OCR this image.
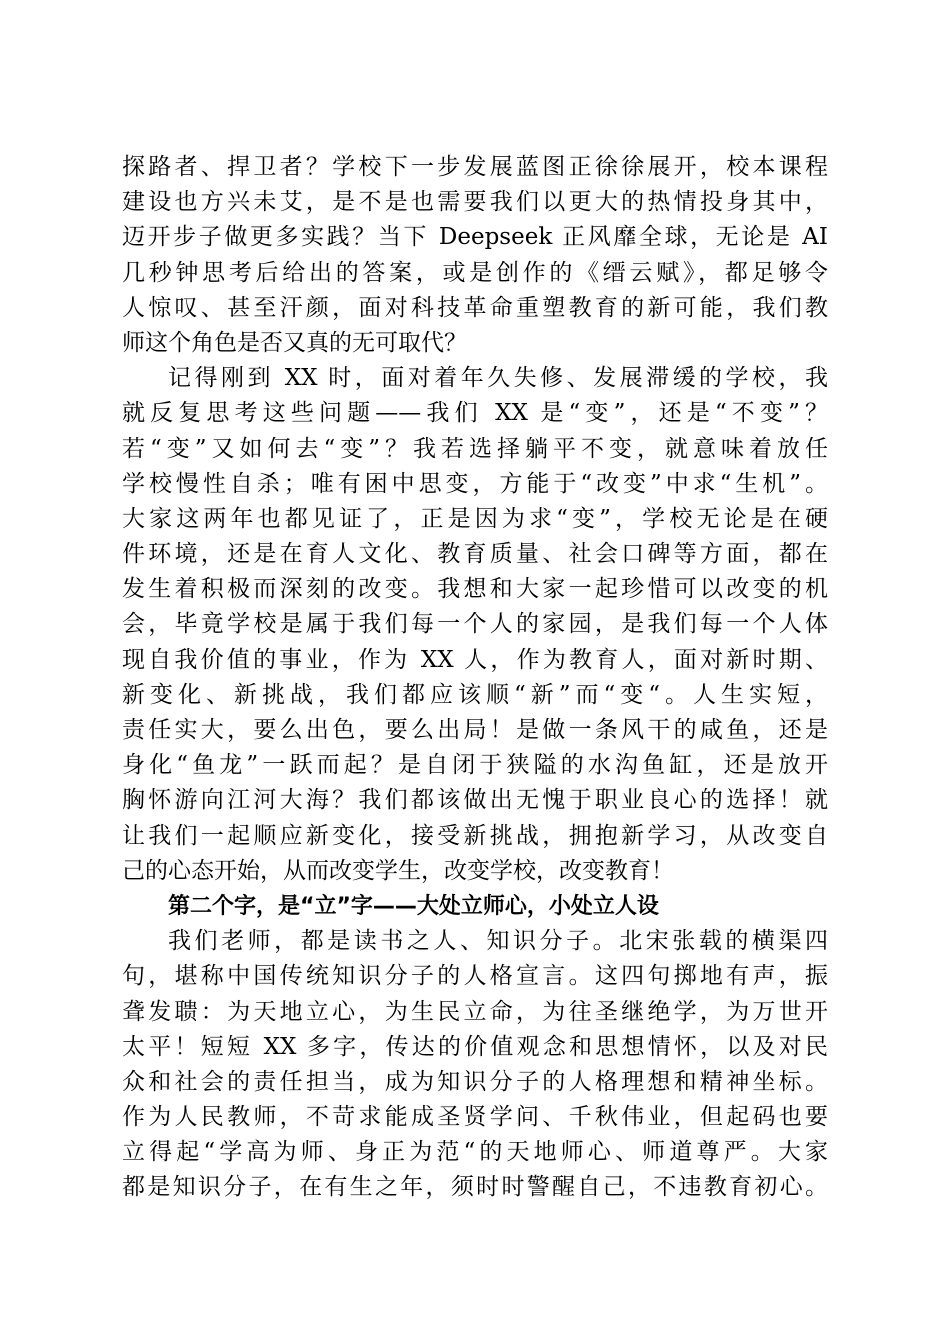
探路者、捍卫者？学校下一步发展蓝图正徐徐展开，校本课程
建设也方兴未艾，是不是也需要我们以更大的热情投身其中，
迈开步子做更多实践？当下 Deepseek 正风靡全球，无论是 AI
几秒钟思考后给出的答案，或是创作的《缙云赋》，都足够令
人惊叹、甚至汗颜，面对科技革命重塑教育的新可能，我们教
师这个角色是否又真的无可取代？
记得刚到 XX 时，面对着年久失修、发展滞缓的学校，我
就反复思考这些问题——我们 XX 是“变”，还是“不变”？
若“变”又如何去“变”？我若选择躺平不变，就意味着放任
学校慢性自杀；唯有困中思变，方能于“改变”中求“生机”。
大家这两年也都见证了，正是因为求“变”，学校无论是在硬
件环境，还是在育人文化、教育质量、社会口碑等方面，都在
发生着积极而深刻的改变。我想和大家一起珍惜可以改变的机
会，毕竟学校是属于我们每一个人的家园，是我们每一个人体
现自我价值的事业，作为 XX 人，作为教育人，面对新时期、
新变化、新挑战，我们都应该顺“新”而“变“。人生实短，
责任实大，要么出色，要么出局！是做一条风干的咸鱼，还是
身化“鱼龙”一跃而起？是自闭于狭隘的水沟鱼缸，还是放开
胸怀游向江河大海？我们都该做出无愧于职业良心的选择！就
让我们一起顺应新变化，接受新挑战，拥抱新学习，从改变自
己的心态开始，从而改变学生，改变学校，改变教育！
第二个字，是“立”字——大处立师心，小处立人设
我们老师，都是读书之人、知识分子。北宋张载的横渠四
句，堪称中国传统知识分子的人格宣言。这四句掷地有声，振
聋发聩：为天地立心，为生民立命，为往圣继绝学，为万世开
太平！短短 XX 多字，传达的价值观念和思想情怀，以及对民
众和社会的责任担当，成为知识分子的人格理想和精神坐标。
作为人民教师，不苛求能成圣贤学问、千秋伟业，但起码也要
立得起“学高为师、身正为范“的天地师心、师道尊严。大家
都是知识分子，在有生之年，须时时警醒自己，不违教育初心。
